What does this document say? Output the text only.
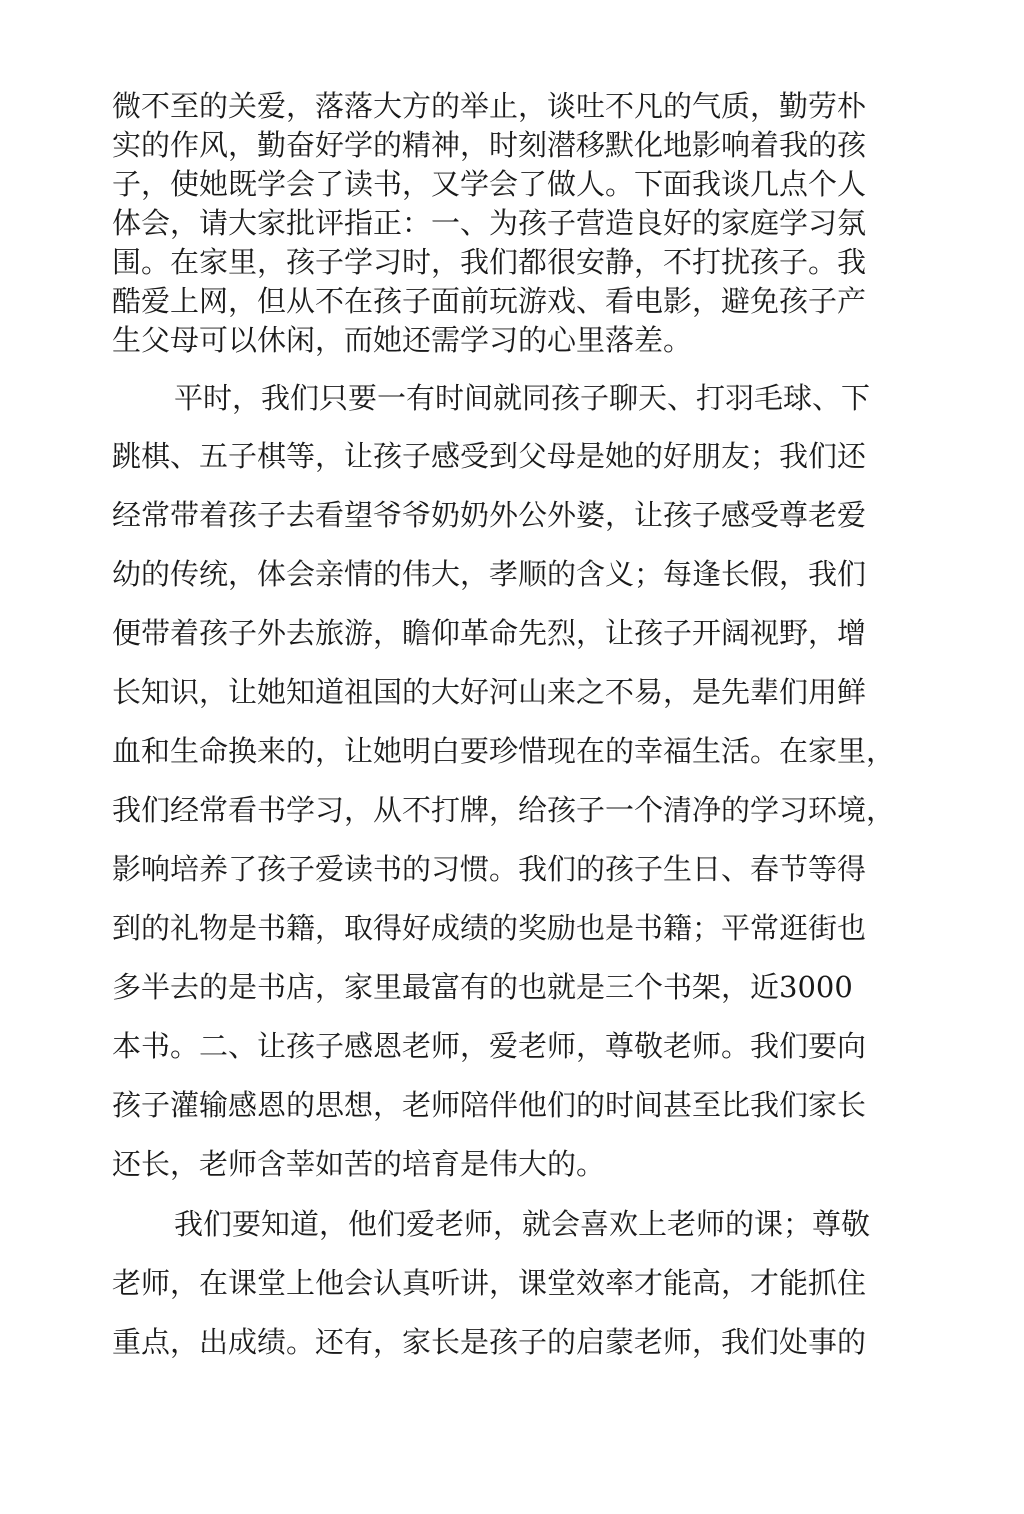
微不至的关爱，落落大方的举止，谈吐不凡的气质，勤劳朴
实的作风，勤奋好学的精神，时刻潜移默化地影响着我的孩
子，使她既学会了读书，又学会了做人。下面我谈几点个人
体会，请大家批评指正：一、为孩子营造良好的家庭学习氛
围。在家里，孩子学习时，我们都很安静，不打扰孩子。我
酷爱上网，但从不在孩子面前玩游戏、看电影，避免孩子产
生父母可以休闲，而她还需学习的心里落差。
平时，我们只要一有时间就同孩子聊天、打羽毛球、下
跳棋、五子棋等，让孩子感受到父母是她的好朋友；我们还
经常带着孩子去看望爷爷奶奶外公外婆，让孩子感受尊老爱
幼的传统，体会亲情的伟大，孝顺的含义；每逢长假，我们
便带着孩子外去旅游，瞻仰革命先烈，让孩子开阔视野，增
长知识，让她知道祖国的大好河山来之不易，是先辈们用鲜
血和生命换来的，让她明白要珍惜现在的幸福生活。在家里，
我们经常看书学习，从不打牌，给孩子一个清净的学习环境，
影响培养了孩子爱读书的习惯。我们的孩子生日、春节等得
到的礼物是书籍，取得好成绩的奖励也是书籍；平常逛街也
多半去的是书店，家里最富有的也就是三个书架，近3000
本书。二、让孩子感恩老师，爱老师，尊敬老师。我们要向
孩子灌输感恩的思想，老师陪伴他们的时间甚至比我们家长
还长，老师含莘如苦的培育是伟大的。
我们要知道，他们爱老师，就会喜欢上老师的课；尊敬
老师，在课堂上他会认真听讲，课堂效率才能高，才能抓住
重点，出成绩。还有，家长是孩子的启蒙老师，我们处事的
